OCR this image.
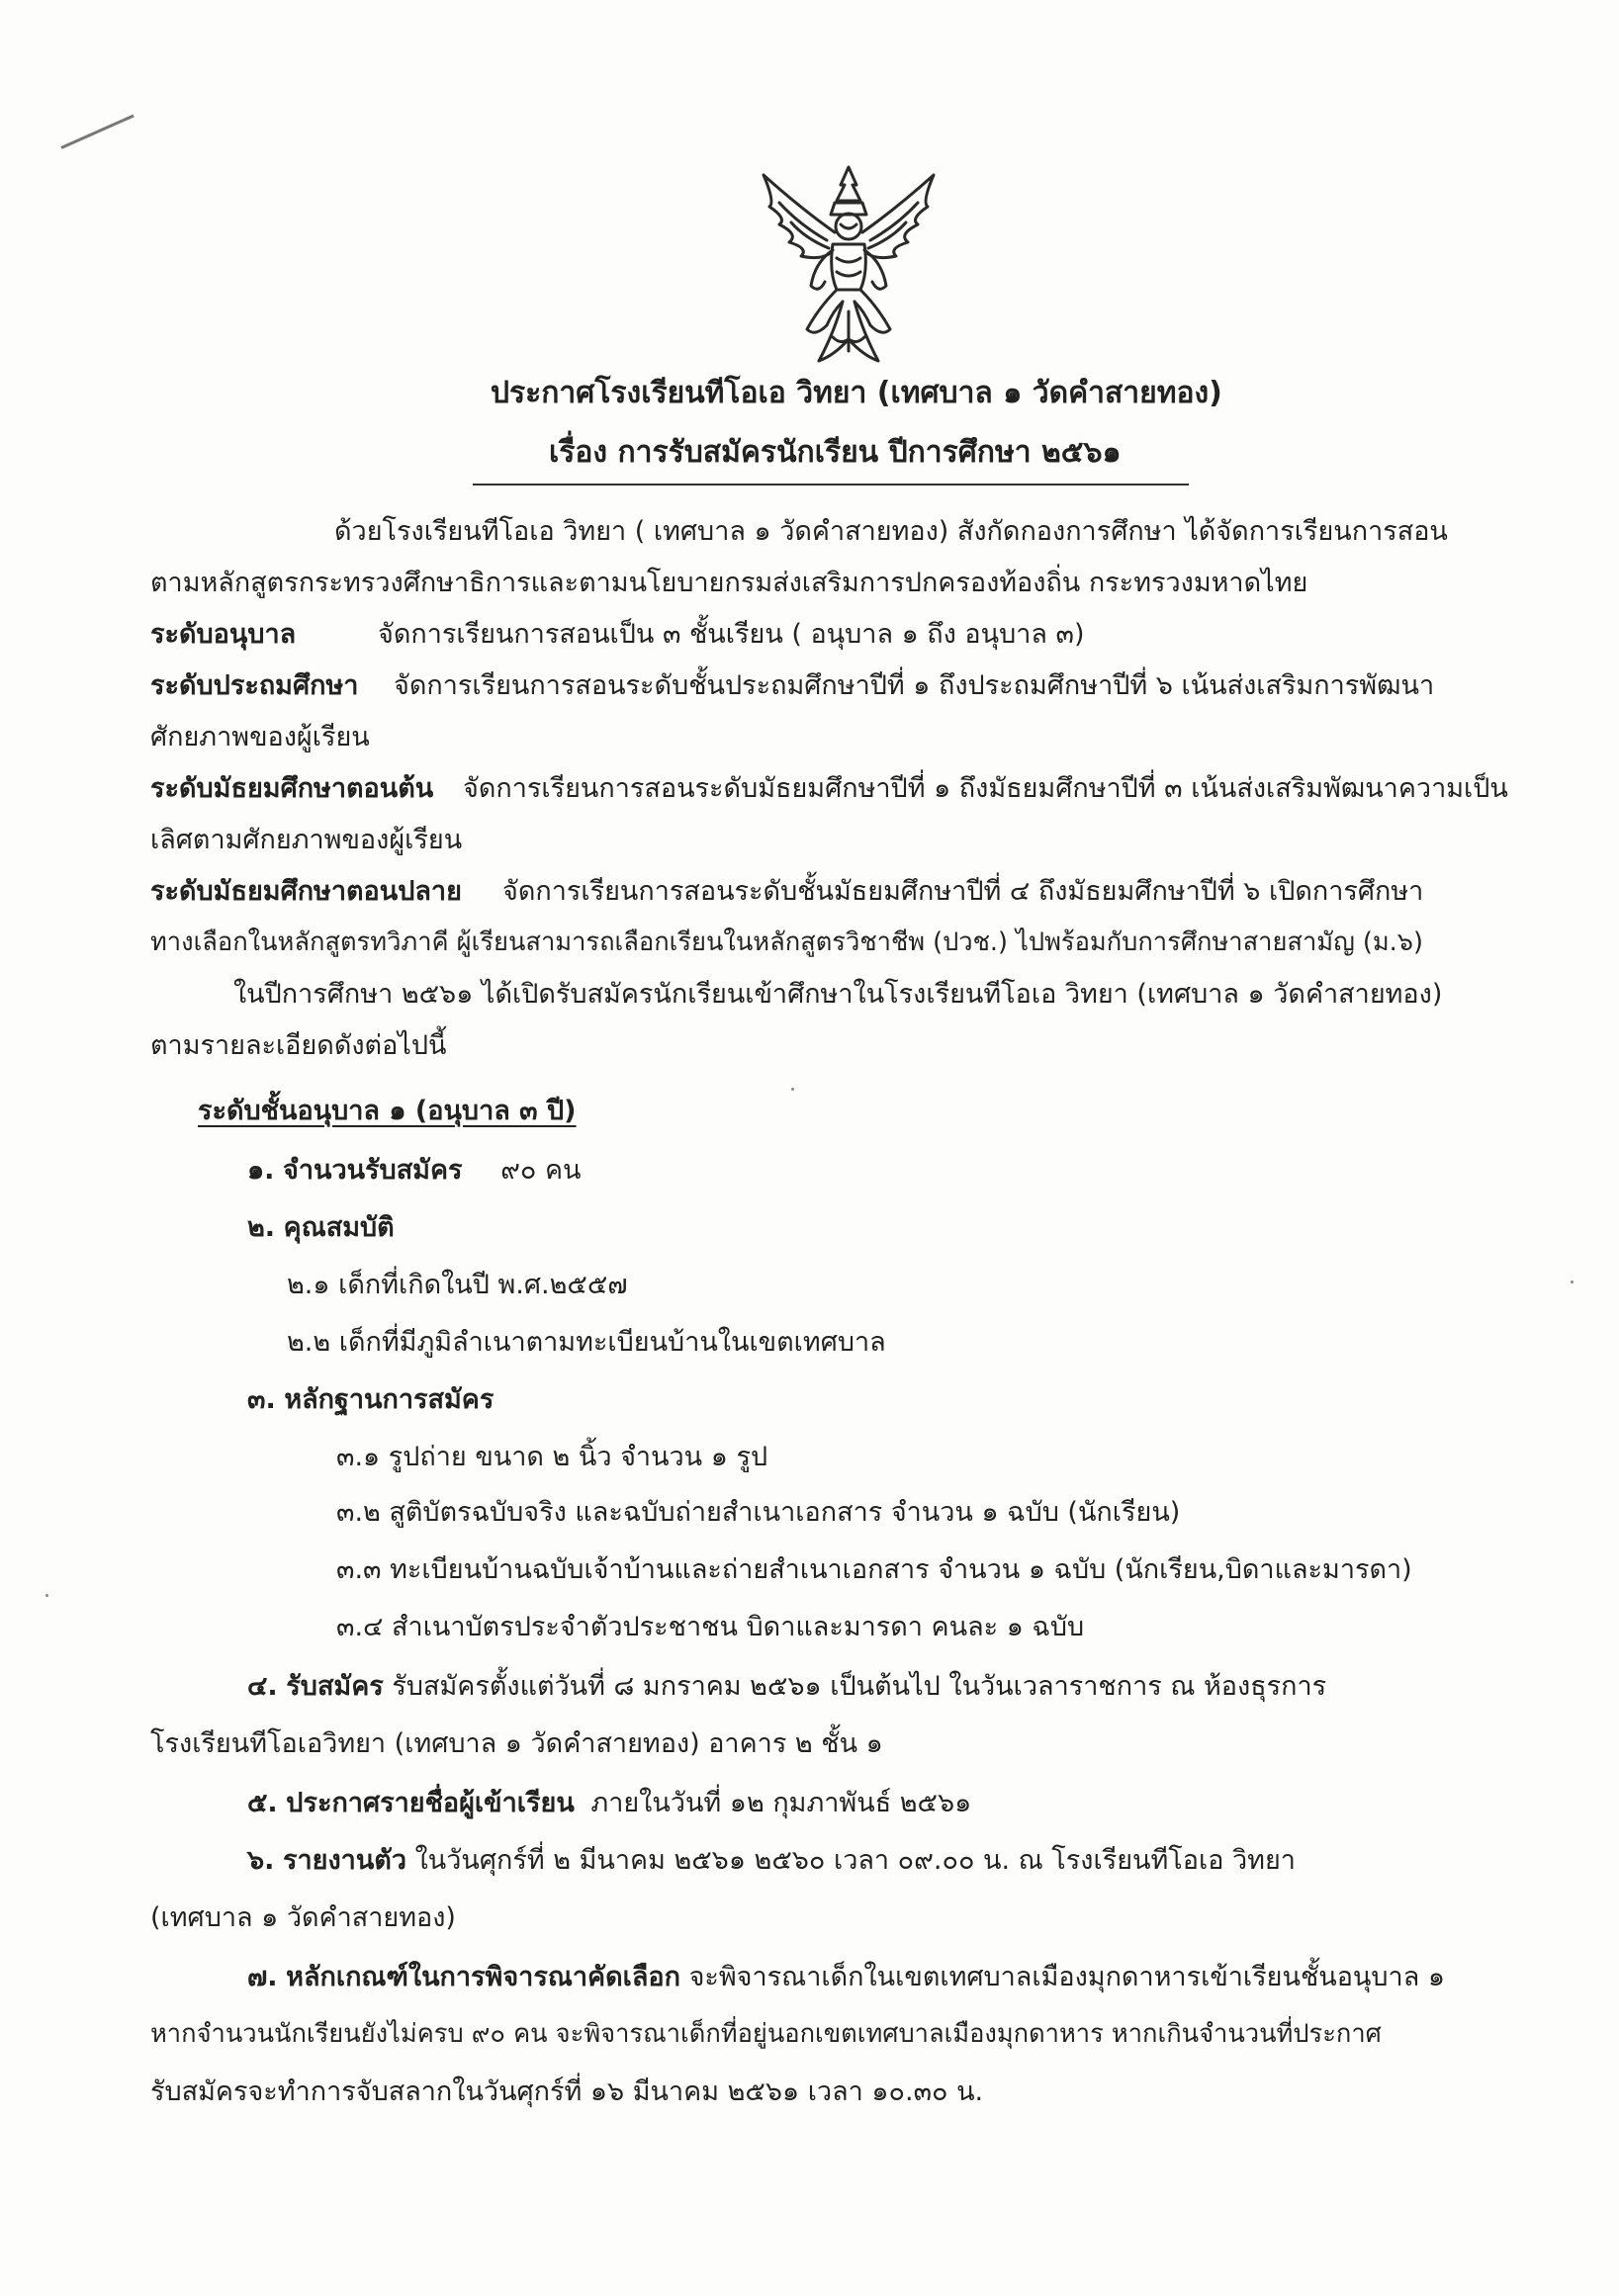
ประกาศโรงเรียนทีโอเอ วิทยา (เทศบาล ๑ วัดคำสายทอง)
เรื่อง การรับสมัครนักเรียน ปีการศึกษา ๒๕๖๑
ด้วยโรงเรียนทีโอเอ วิทยา ( เทศบาล ๑ วัดคำสายทอง) สังกัดกองการศึกษา ได้จัดการเรียนการสอน
ตามหลักสูตรกระทรวงศึกษาธิการและตามนโยบายกรมส่งเสริมการปกครองท้องถิ่น กระทรวงมหาดไทย
ระดับอนุบาล	จัดการเรียนการสอนเป็น ๓ ชั้นเรียน ( อนุบาล ๑ ถึง อนุบาล ๓)
ระดับประถมศึกษา จัดการเรียนการสอนระดับชั้นประถมศึกษาปีที่ ๑ ถึงประถมศึกษาปีที่ ๖ เน้นส่งเสริมการพัฒนา
ศักยภาพของผู้เรียน
ระดับมัธยมศึกษาตอนต้น จัดการเรียนการสอนระดับมัธยมศึกษาปีที่ ๑ ถึงมัธยมศึกษาปีที่ ๓ เน้นส่งเสริมพัฒนาความเป็น
เลิศตามศักยภาพของผู้เรียน
ระดับมัธยมศึกษาตอนปลาย จัดการเรียนการสอนระดับชั้นมัธยมศึกษาปีที่ ๔ ถึงมัธยมศึกษาปีที่ ๖ เปิดการศึกษา
ทางเลือกในหลักสูตรทวิภาคี ผู้เรียนสามารถเลือกเรียนในหลักสูตรวิชาชีพ (ปวช.) ไปพร้อมกับการศึกษาสายสามัญ (ม.๖)
ในปีการศึกษา ๒๕๖๑ ได้เปิดรับสมัครนักเรียนเข้าศึกษาในโรงเรียนทีโอเอ วิทยา (เทศบาล ๑ วัดคำสายทอง)
ตามรายละเอียดดังต่อไปนี้
ระดับชั้นอนุบาล ๑ (อนุบาล ๓ ปี)
๑. จำนวนรับสมัคร ๙๐ คน
๒. คุณสมบัติ
๒.๑ เด็กที่เกิดในปี พ.ศ.๒๕๕๗
๒.๒ เด็กที่มีภูมิลำเนาตามทะเบียนบ้านในเขตเทศบาล
๓. หลักฐานการสมัคร
๓.๑ รูปถ่าย ขนาด ๒ นิ้ว จำนวน ๑ รูป
๓.๒ สูติบัตรฉบับจริง และฉบับถ่ายสำเนาเอกสาร จำนวน ๑ ฉบับ (นักเรียน)
๓.๓ ทะเบียนบ้านฉบับเจ้าบ้านและถ่ายสำเนาเอกสาร จำนวน ๑ ฉบับ (นักเรียน,บิดาและมารดา)
๓.๔ สำเนาบัตรประจำตัวประชาชน บิดาและมารดา คนละ ๑ ฉบับ
๔. รับสมัคร รับสมัครตั้งแต่วันที่ ๘ มกราคม ๒๕๖๑ เป็นต้นไป ในวันเวลาราชการ ณ ห้องธุรการ
โรงเรียนทีโอเอวิทยา (เทศบาล ๑ วัดคำสายทอง) อาคาร ๒ ชั้น ๑
๕. ประกาศรายชื่อผู้เข้าเรียน ภายในวันที่ ๑๒ กุมภาพันธ์ ๒๕๖๑
๖. รายงานตัว ในวันศุกร์ที่ ๒ มีนาคม ๒๕๖๑ ๒๕๖๐ เวลา ๐๙.๐๐ น. ณ โรงเรียนทีโอเอ วิทยา
(เทศบาล ๑ วัดคำสายทอง)
๗. หลักเกณฑ์ในการพิจารณาคัดเลือก จะพิจารณาเด็กในเขตเทศบาลเมืองมุกดาหารเข้าเรียนชั้นอนุบาล ๑
หากจำนวนนักเรียนยังไม่ครบ ๙๐ คน จะพิจารณาเด็กที่อยู่นอกเขตเทศบาลเมืองมุกดาหาร หากเกินจำนวนที่ประกาศ
รับสมัครจะทำการจับสลากในวันศุกร์ที่ ๑๖ มีนาคม ๒๕๖๑ เวลา ๑๐.๓๐ น.
